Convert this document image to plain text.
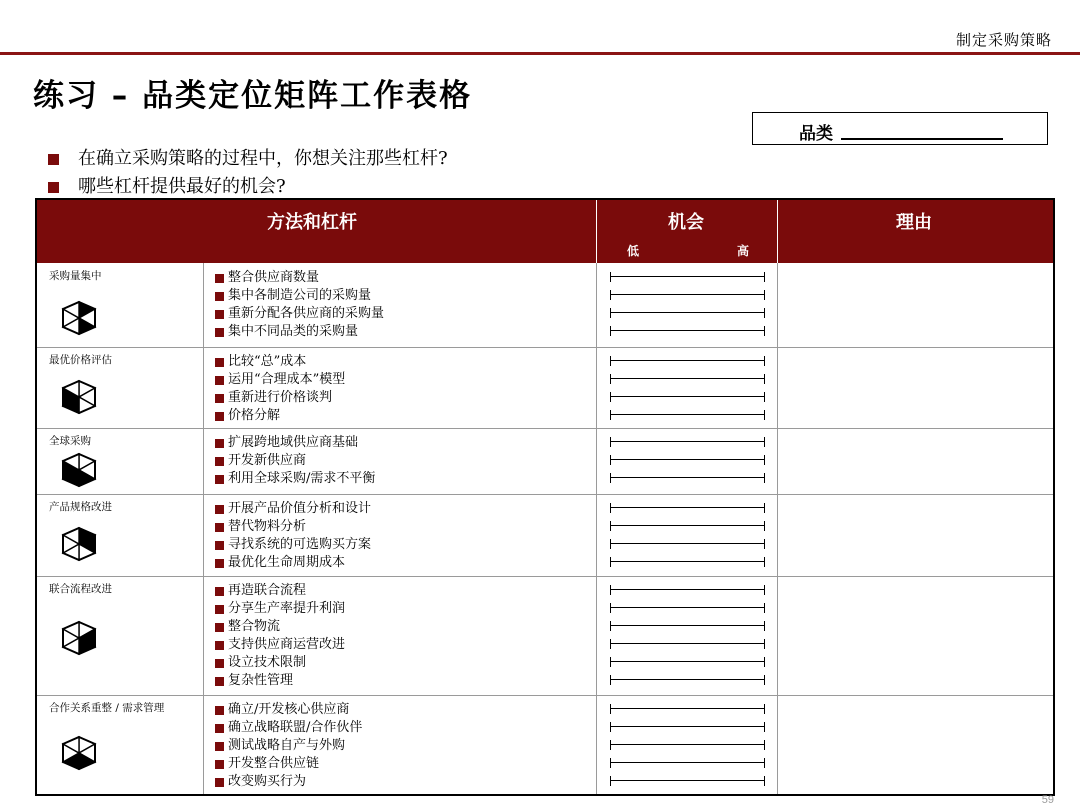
制定采购策略
练习 – 品类定位矩阵工作表格
品类
在确立采购策略的过程中，你想关注那些杠杆?
哪些杠杆提供最好的机会?
方法和杠杆	机会
低	高
理由
采购量集中	整合供应商数量
集中各制造公司的采购量
重新分配各供应商的采购量
集中不同品类的采购量
最优价格评估	比较“总”成本
运用“合理成本”模型
重新进行价格谈判
价格分解
全球采购	扩展跨地域供应商基础
开发新供应商
利用全球采购/需求不平衡
产品规格改进	开展产品价值分析和设计
替代物料分析
寻找系统的可选购买方案
最优化生命周期成本
联合流程改进	再造联合流程
分享生产率提升利润
整合物流
支持供应商运营改进
设立技术限制
复杂性管理
合作关系重整 / 需求管理	确立/开发核心供应商
确立战略联盟/合作伙伴
测试战略自产与外购
开发整合供应链
改变购买行为
59
